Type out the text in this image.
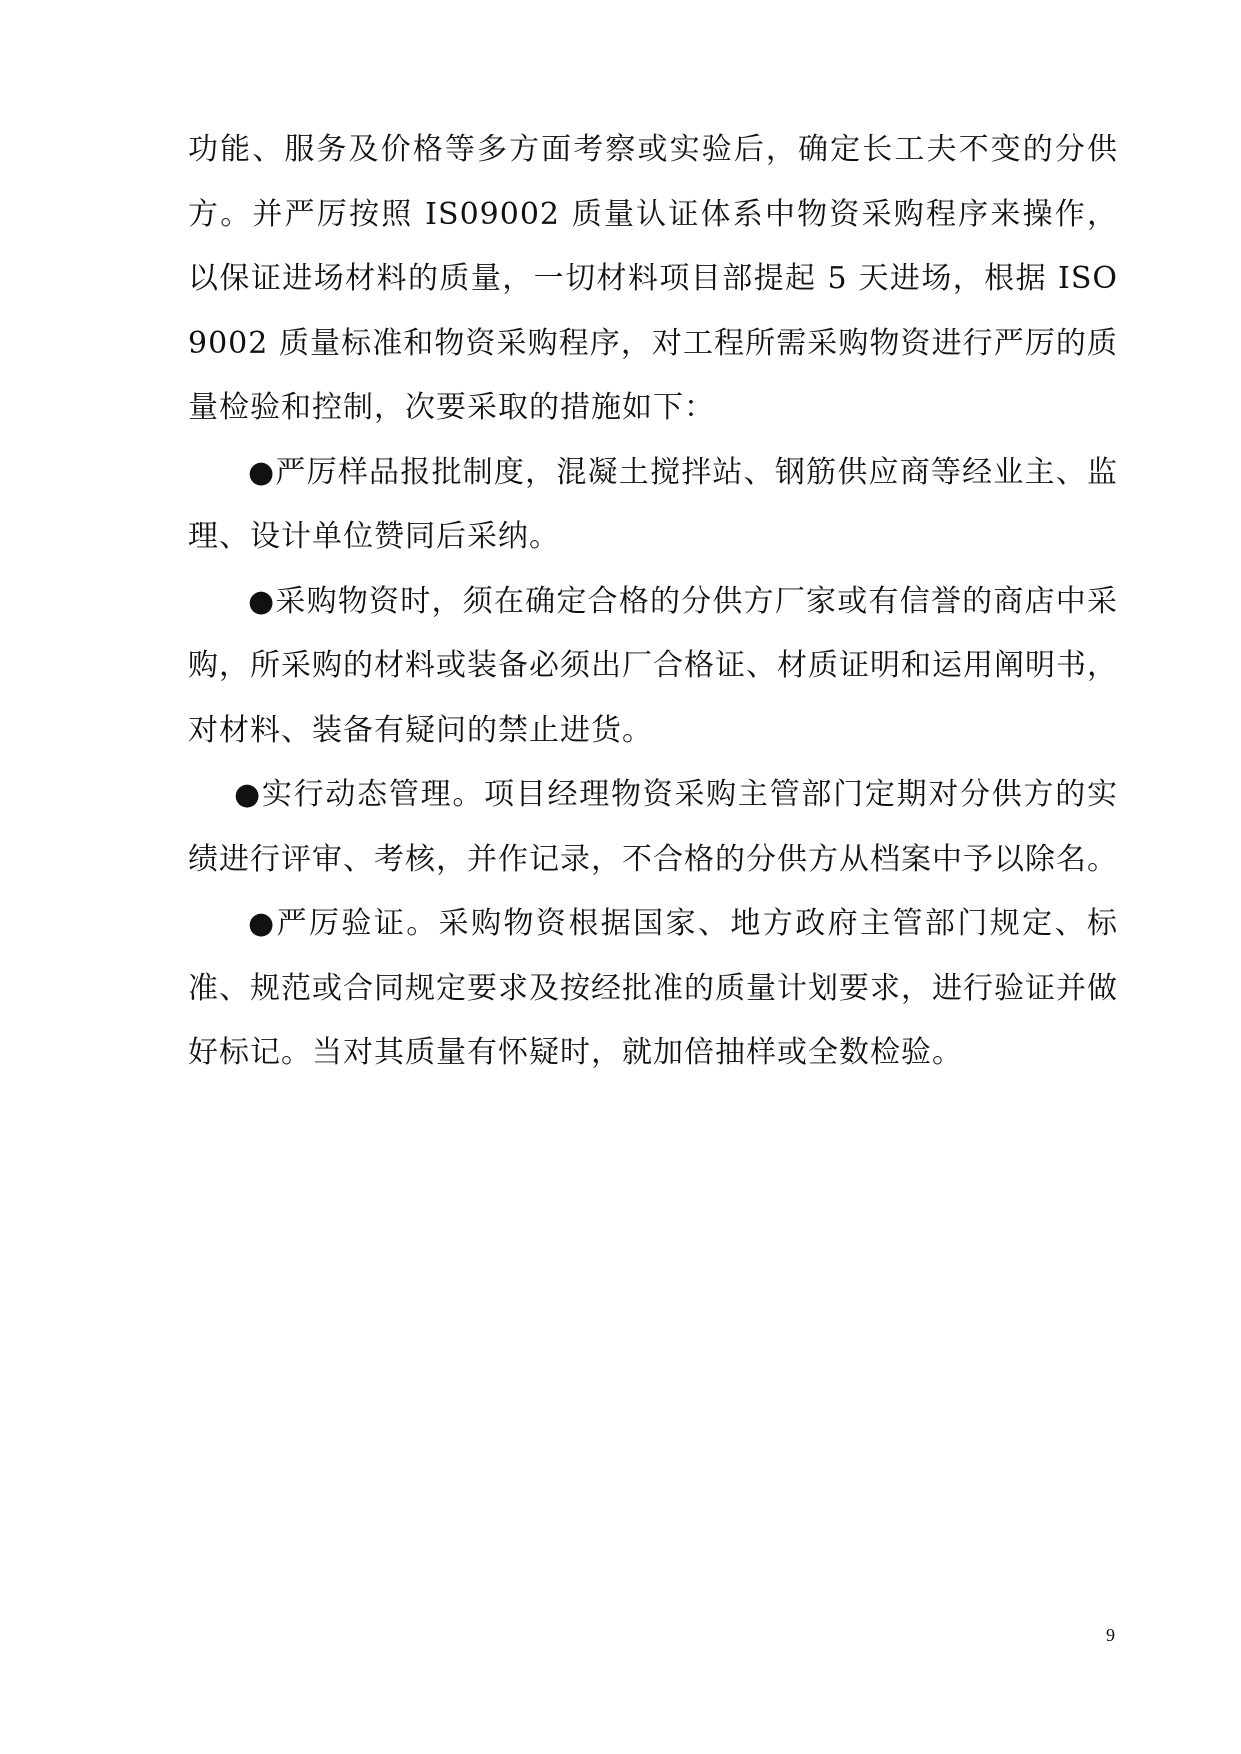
功能、服务及价格等多方面考察或实验后，确定长工夫不变的分供方。并严厉按照 IS09002 质量认证体系中物资采购程序来操作，以保证进场材料的质量，一切材料项目部提起 5 天进场，根据 ISO 9002 质量标准和物资采购程序，对工程所需采购物资进行严厉的质量检验和控制，次要采取的措施如下：

●严厉样品报批制度，混凝土搅拌站、钢筋供应商等经业主、监理、设计单位赞同后采纳。

●采购物资时，须在确定合格的分供方厂家或有信誉的商店中采购，所采购的材料或装备必须出厂合格证、材质证明和运用阐明书，对材料、装备有疑问的禁止进货。

●实行动态管理。项目经理物资采购主管部门定期对分供方的实绩进行评审、考核，并作记录，不合格的分供方从档案中予以除名。

●严厉验证。采购物资根据国家、地方政府主管部门规定、标准、规范或合同规定要求及按经批准的质量计划要求，进行验证并做好标记。当对其质量有怀疑时，就加倍抽样或全数检验。

9
